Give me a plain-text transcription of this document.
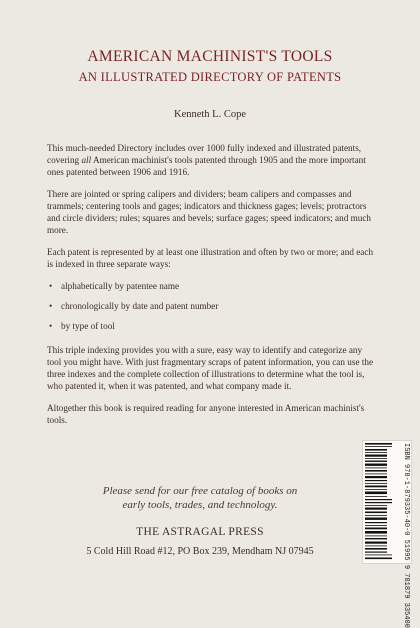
AMERICAN MACHINIST'S TOOLS
AN ILLUSTRATED DIRECTORY OF PATENTS
Kenneth L. Cope

This much-needed Directory includes over 1000 fully indexed and illustrated patents, covering all American machinist's tools patented through 1905 and the more important ones patented between 1906 and 1916.

There are jointed or spring calipers and dividers; beam calipers and compasses and trammels; centering tools and gages; indicators and thickness gages; levels; protractors and circle dividers; rules; squares and bevels; surface gages; speed indicators; and much more.

Each patent is represented by at least one illustration and often by two or more; and each is indexed in three separate ways:

• alphabetically by patentee name
• chronologically by date and patent number
• by type of tool

This triple indexing provides you with a sure, easy way to identify and categorize any tool you might have. With just fragmentary scraps of patent information, you can use the three indexes and the complete collection of illustrations to determine what the tool is, who patented it, when it was patented, and what company made it.

Altogether this book is required reading for anyone interested in American machinist's tools.

Please send for our free catalog of books on
early tools, trades, and technology.
THE ASTRAGAL PRESS
5 Cold Hill Road #12, PO Box 239, Mendham NJ 07945
ISBN 978-1-879335-40-0 51995 9 781879 335400
